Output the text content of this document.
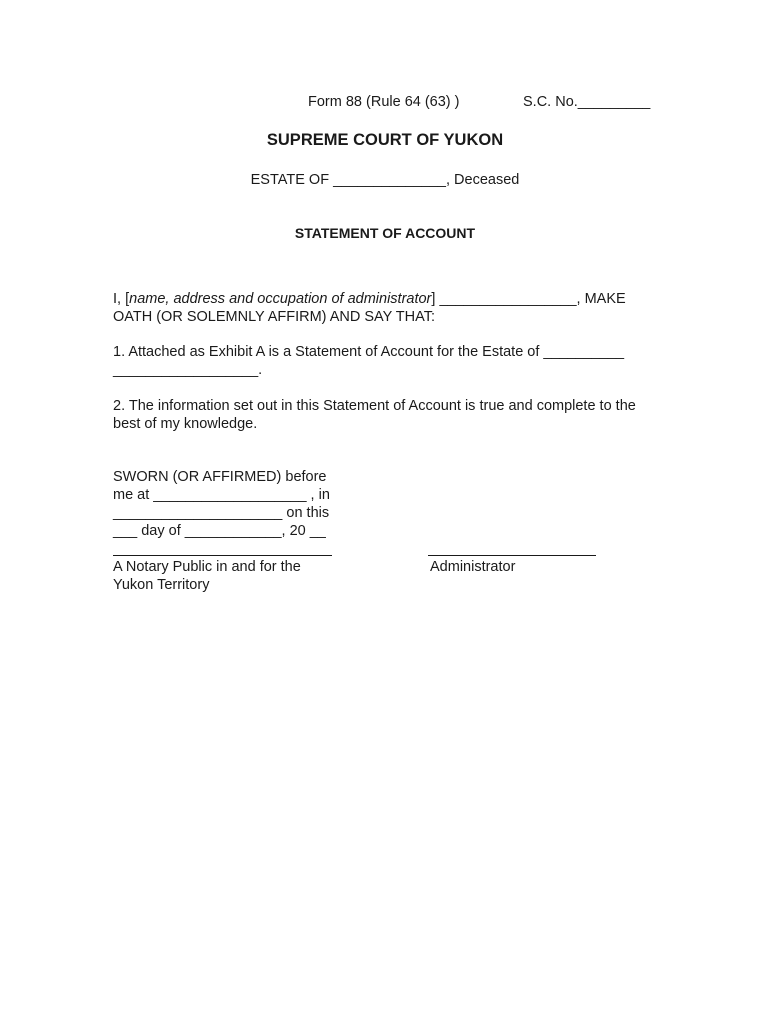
Form 88 (Rule 64 (63) )	S.C. No._________
SUPREME COURT OF YUKON
ESTATE OF ______________, Deceased
STATEMENT OF ACCOUNT
I, [name, address and occupation of administrator] _________________, MAKE OATH (OR SOLEMNLY AFFIRM) AND SAY THAT:
1. Attached as Exhibit A is a Statement of Account for the Estate of __________ __________________.
2. The information set out in this Statement of Account is true and complete to the best of my knowledge.
SWORN (OR AFFIRMED) before
me at ___________________ , in
_____________________ on this
___ day of ____________, 20 __
A Notary Public in and for the
Yukon Territory
Administrator
